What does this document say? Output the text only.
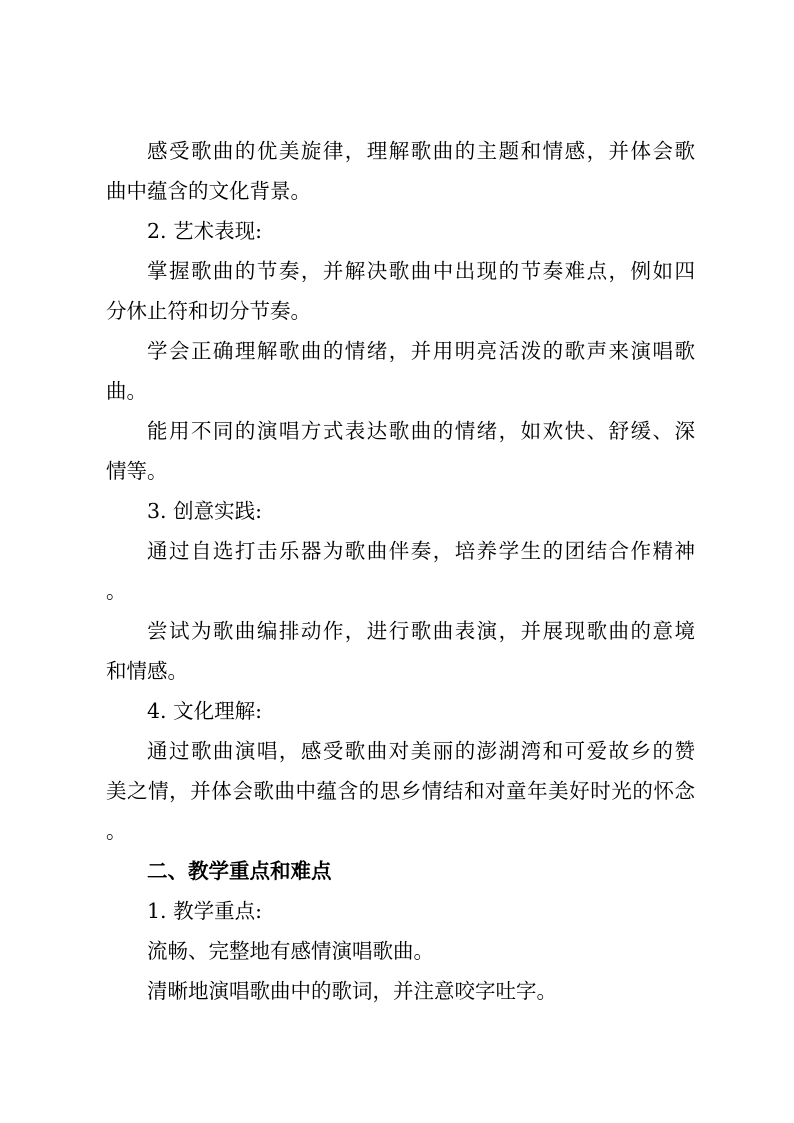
感受歌曲的优美旋律，理解歌曲的主题和情感，并体会歌
曲中蕴含的文化背景。
2. 艺术表现:
掌握歌曲的节奏，并解决歌曲中出现的节奏难点，例如四
分休止符和切分节奏。
学会正确理解歌曲的情绪，并用明亮活泼的歌声来演唱歌
曲。
能用不同的演唱方式表达歌曲的情绪，如欢快、舒缓、深
情等。
3. 创意实践:
通过自选打击乐器为歌曲伴奏，培养学生的团结合作精神
。
尝试为歌曲编排动作，进行歌曲表演，并展现歌曲的意境
和情感。
4. 文化理解:
通过歌曲演唱，感受歌曲对美丽的澎湖湾和可爱故乡的赞
美之情，并体会歌曲中蕴含的思乡情结和对童年美好时光的怀念
。
二、教学重点和难点
1. 教学重点:
流畅、完整地有感情演唱歌曲。
清晰地演唱歌曲中的歌词，并注意咬字吐字。
